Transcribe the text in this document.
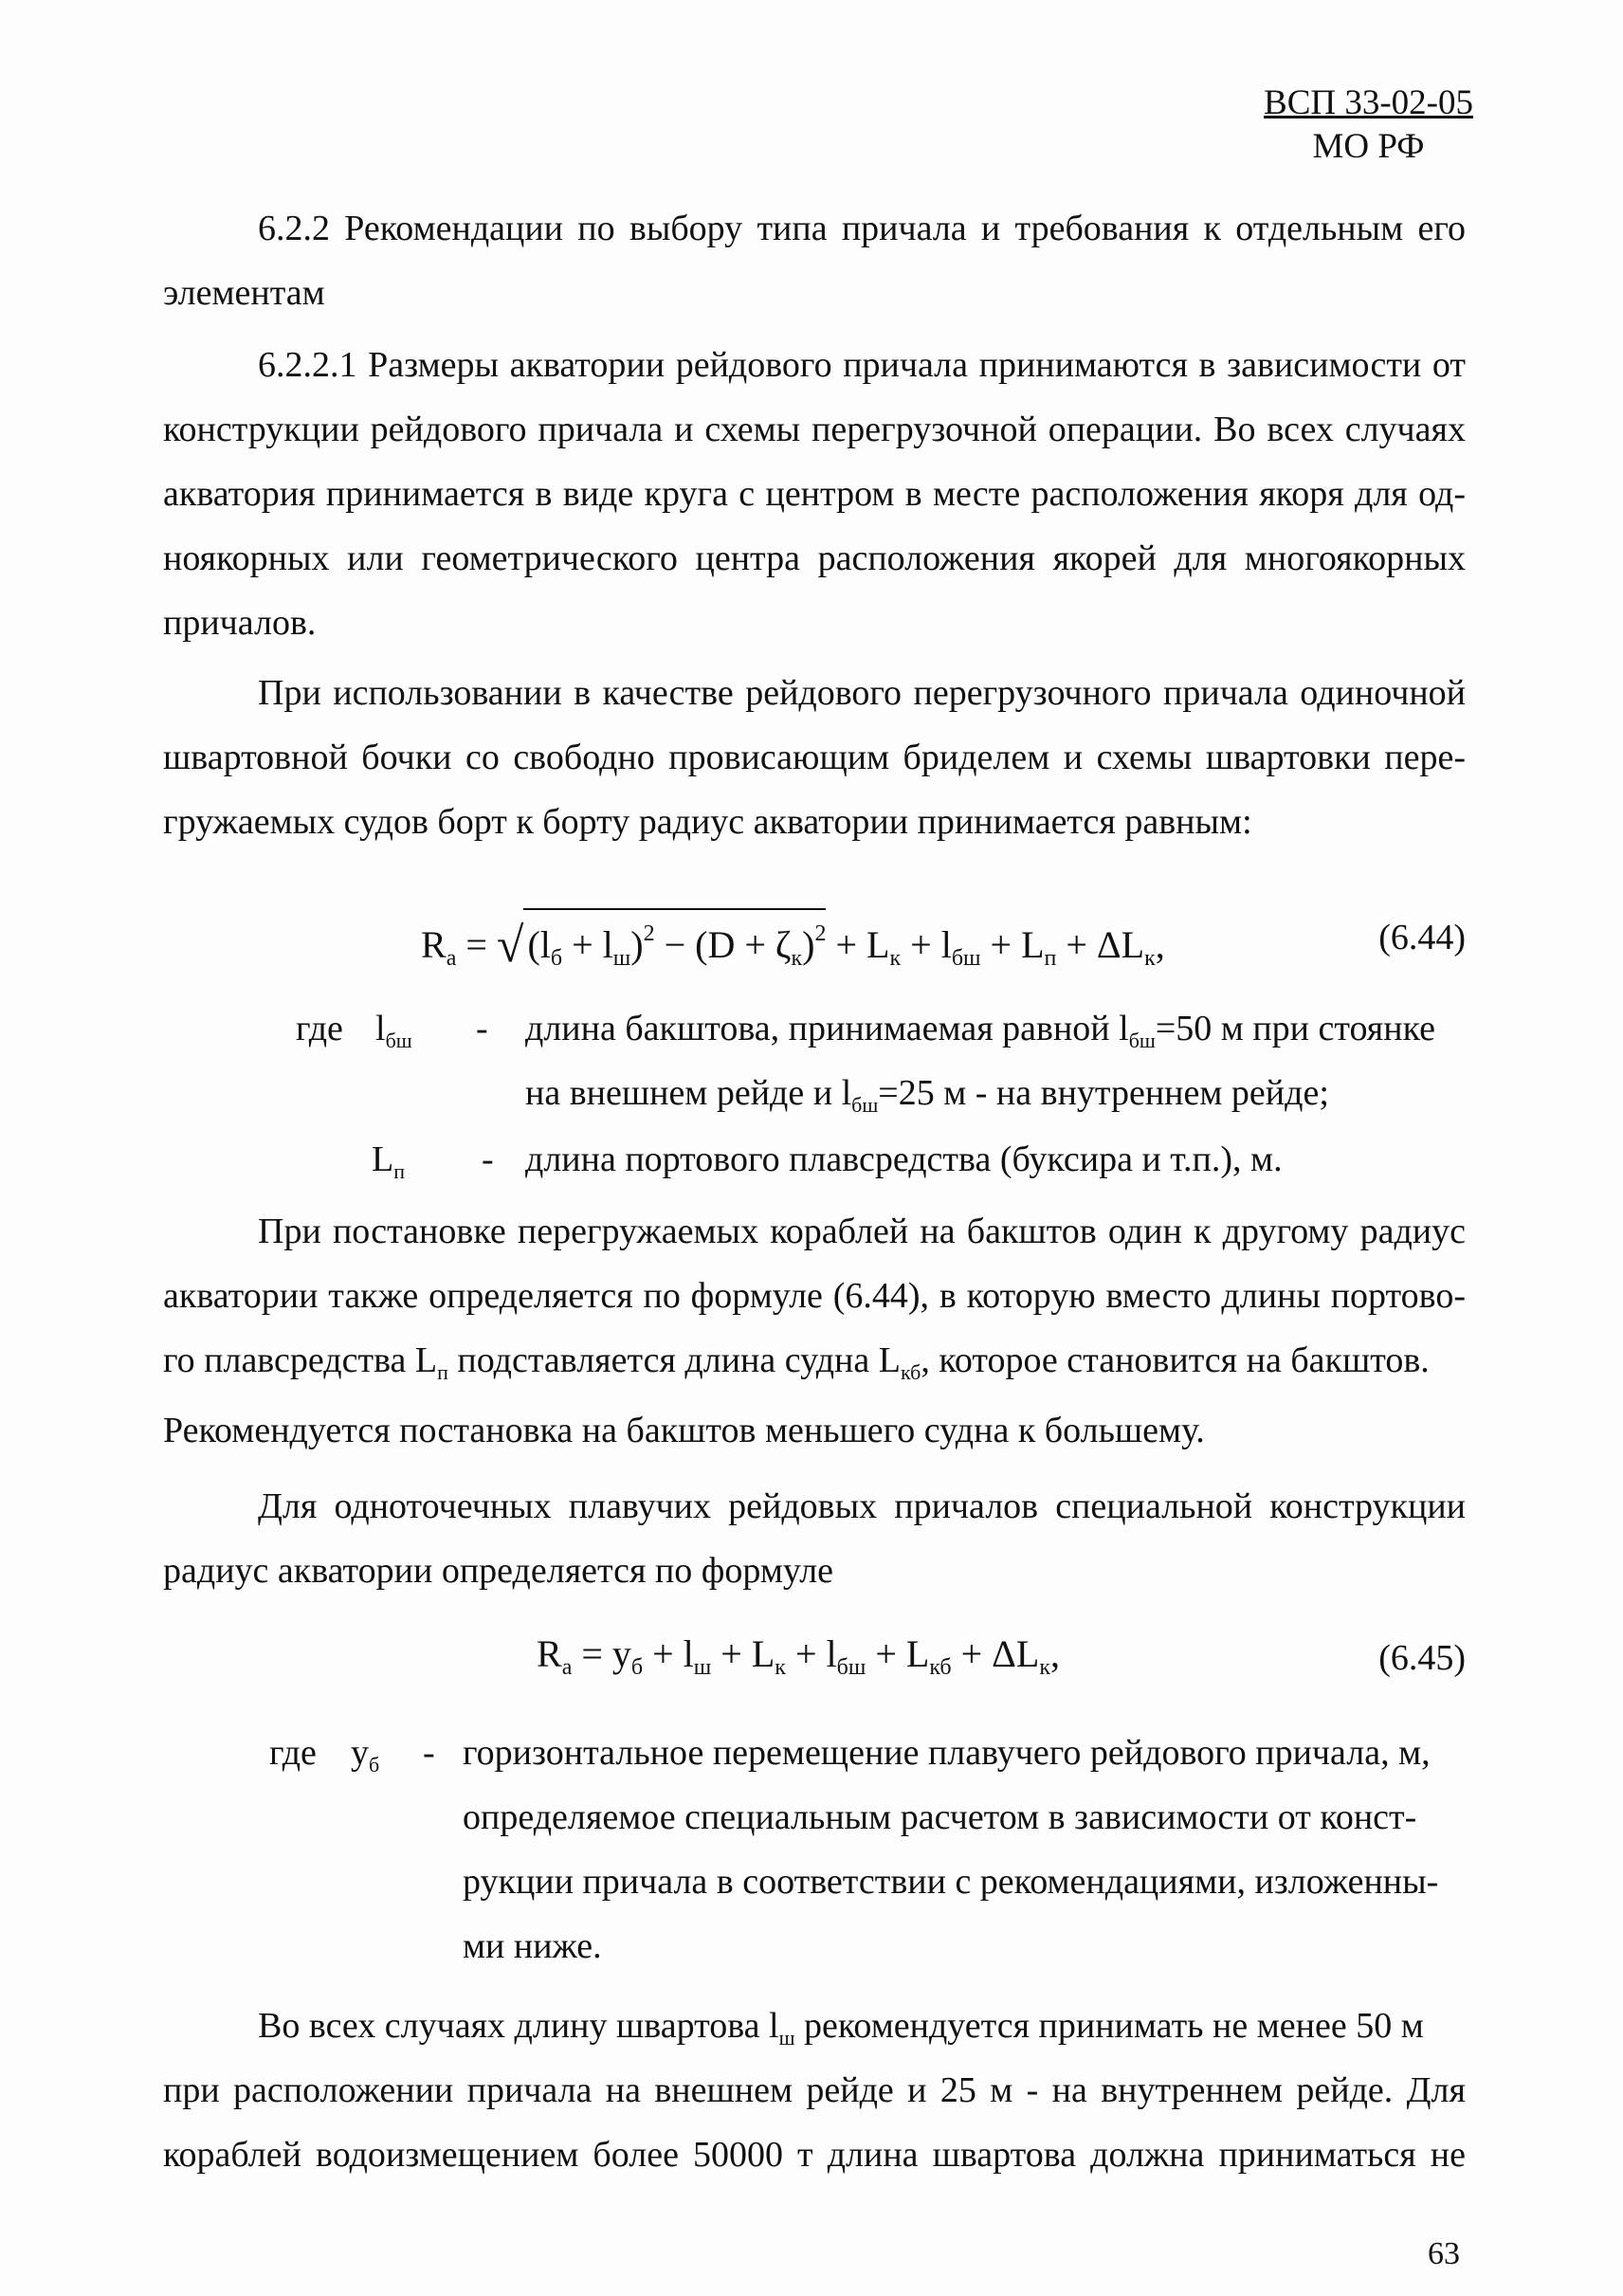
ВСП 33-02-05
МО РФ
6.2.2 Рекомендации по выбору типа причала и требования к отдельным его
элементам
6.2.2.1 Размеры акватории рейдового причала принимаются в зависимости от
конструкции рейдового причала и схемы перегрузочной операции. Во всех случаях
акватория принимается в виде круга с центром в месте расположения якоря для од-
ноякорных или геометрического центра расположения якорей для многоякорных
причалов.
При использовании в качестве рейдового перегрузочного причала одиночной
швартовной бочки со свободно провисающим бриделем и схемы швартовки пере-
гружаемых судов борт к борту радиус акватории принимается равным:
$R_а$ = √ $(l_б + l_ш)^2 - (D + \zeta_к)^2 + L_к + l_{бш} + L_п + \Delta L_к$,	(6.44)
где $l_{бш}$ - длина бакштова, принимаемая равной $l_{бш}=50$ м при стоянке
на внешнем рейде и $l_{бш}=25$ м - на внутреннем рейде;
$L_п$ - длина портового плавсредства (буксира и т.п.), м.
При постановке перегружаемых кораблей на бакштов один к другому радиус
акватории также определяется по формуле (6.44), в которую вместо длины портово-
го плавсредства $L_п$ подставляется длина судна $L_{кб}$, которое становится на бакштов.
Рекомендуется постановка на бакштов меньшего судна к большему.
Для одноточечных плавучих рейдовых причалов специальной конструкции
радиус акватории определяется по формуле
$R_а = y_б + l_ш + L_к + l_{бш} + L_{кб} + \Delta L_к$,	(6.45)
где $y_б$ - горизонтальное перемещение плавучего рейдового причала, м,
определяемое специальным расчетом в зависимости от конст-
рукции причала в соответствии с рекомендациями, изложенны-
ми ниже.
Во всех случаях длину швартова $l_ш$ рекомендуется принимать не менее 50 м
при расположении причала на внешнем рейде и 25 м - на внутреннем рейде. Для
кораблей водоизмещением более 50000 т длина швартова должна приниматься не
63
